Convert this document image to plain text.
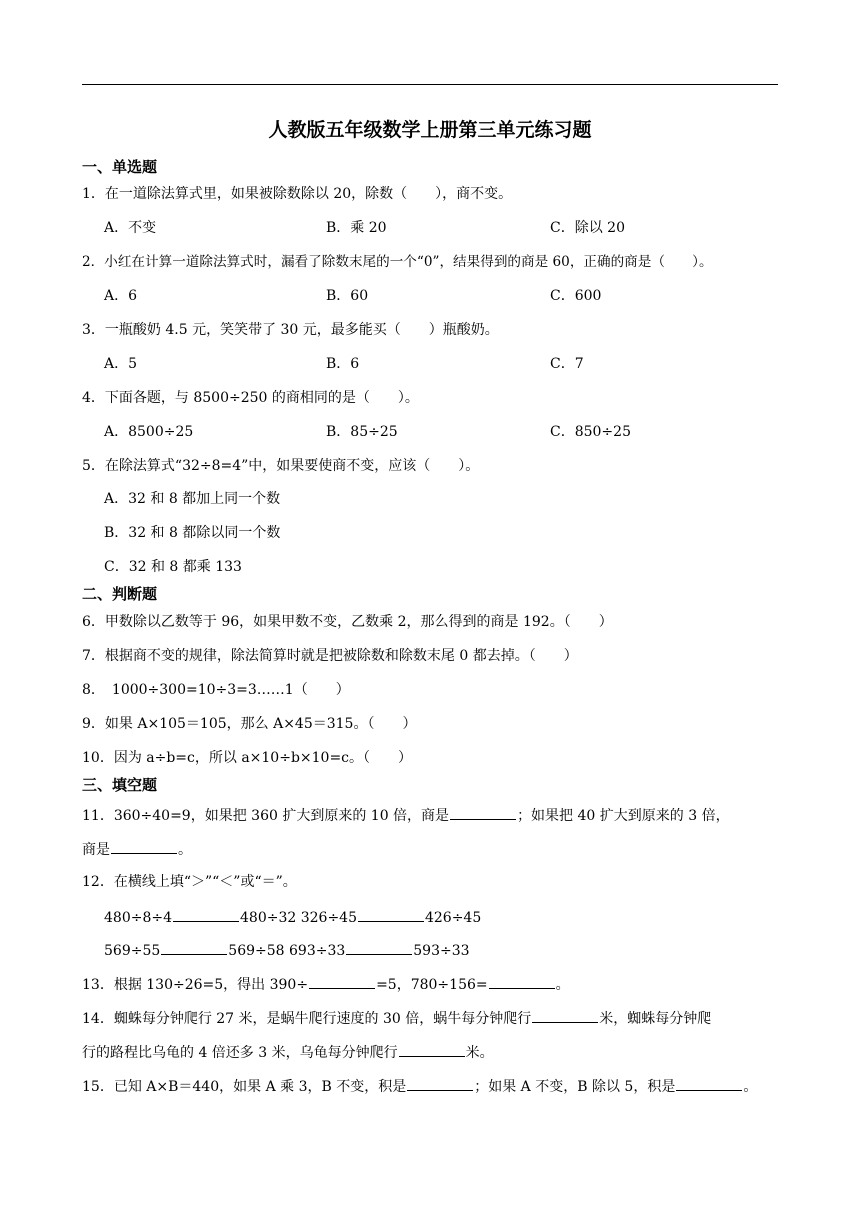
人教版五年级数学上册第三单元练习题
一、单选题
1．在一道除法算式里，如果被除数除以 20，除数（　　），商不变。
A．不变	B．乘 20	C．除以 20
2．小红在计算一道除法算式时，漏看了除数末尾的一个“0”，结果得到的商是 60，正确的商是（　　）。
A．6	B．60	C．600
3．一瓶酸奶 4.5 元，笑笑带了 30 元，最多能买（　　）瓶酸奶。
A．5	B．6	C．7
4．下面各题，与 8500÷250 的商相同的是（　　）。
A．8500÷25	B．85÷25	C．850÷25
5．在除法算式“32÷8=4”中，如果要使商不变，应该（　　）。
A．32 和 8 都加上同一个数
B．32 和 8 都除以同一个数
C．32 和 8 都乘 133
二、判断题
6．甲数除以乙数等于 96，如果甲数不变，乙数乘 2，那么得到的商是 192。（　　）
7．根据商不变的规律，除法简算时就是把被除数和除数末尾 0 都去掉。（　　）
8．　1000÷300=10÷3=3……1（　　）
9．如果 A×105＝105，那么 A×45＝315。（　　）
10．因为 a÷b=c，所以 a×10÷b×10=c。（　　）
三、填空题
11．360÷40=9，如果把 360 扩大到原来的 10 倍，商是	；如果把 40 扩大到原来的 3 倍，
商是	。
12．在横线上填“＞”“＜”或“＝”。
480÷8÷4	480÷32 326÷45	426÷45
569÷55	569÷58 693÷33	593÷33
13．根据 130÷26=5，得出 390÷	=5，780÷156=	。
14．蜘蛛每分钟爬行 27 米，是蜗牛爬行速度的 30 倍，蜗牛每分钟爬行	米，蜘蛛每分钟爬
行的路程比乌龟的 4 倍还多 3 米，乌龟每分钟爬行	米。
15．已知 A×B＝440，如果 A 乘 3，B 不变，积是	；如果 A 不变，B 除以 5，积是	。
